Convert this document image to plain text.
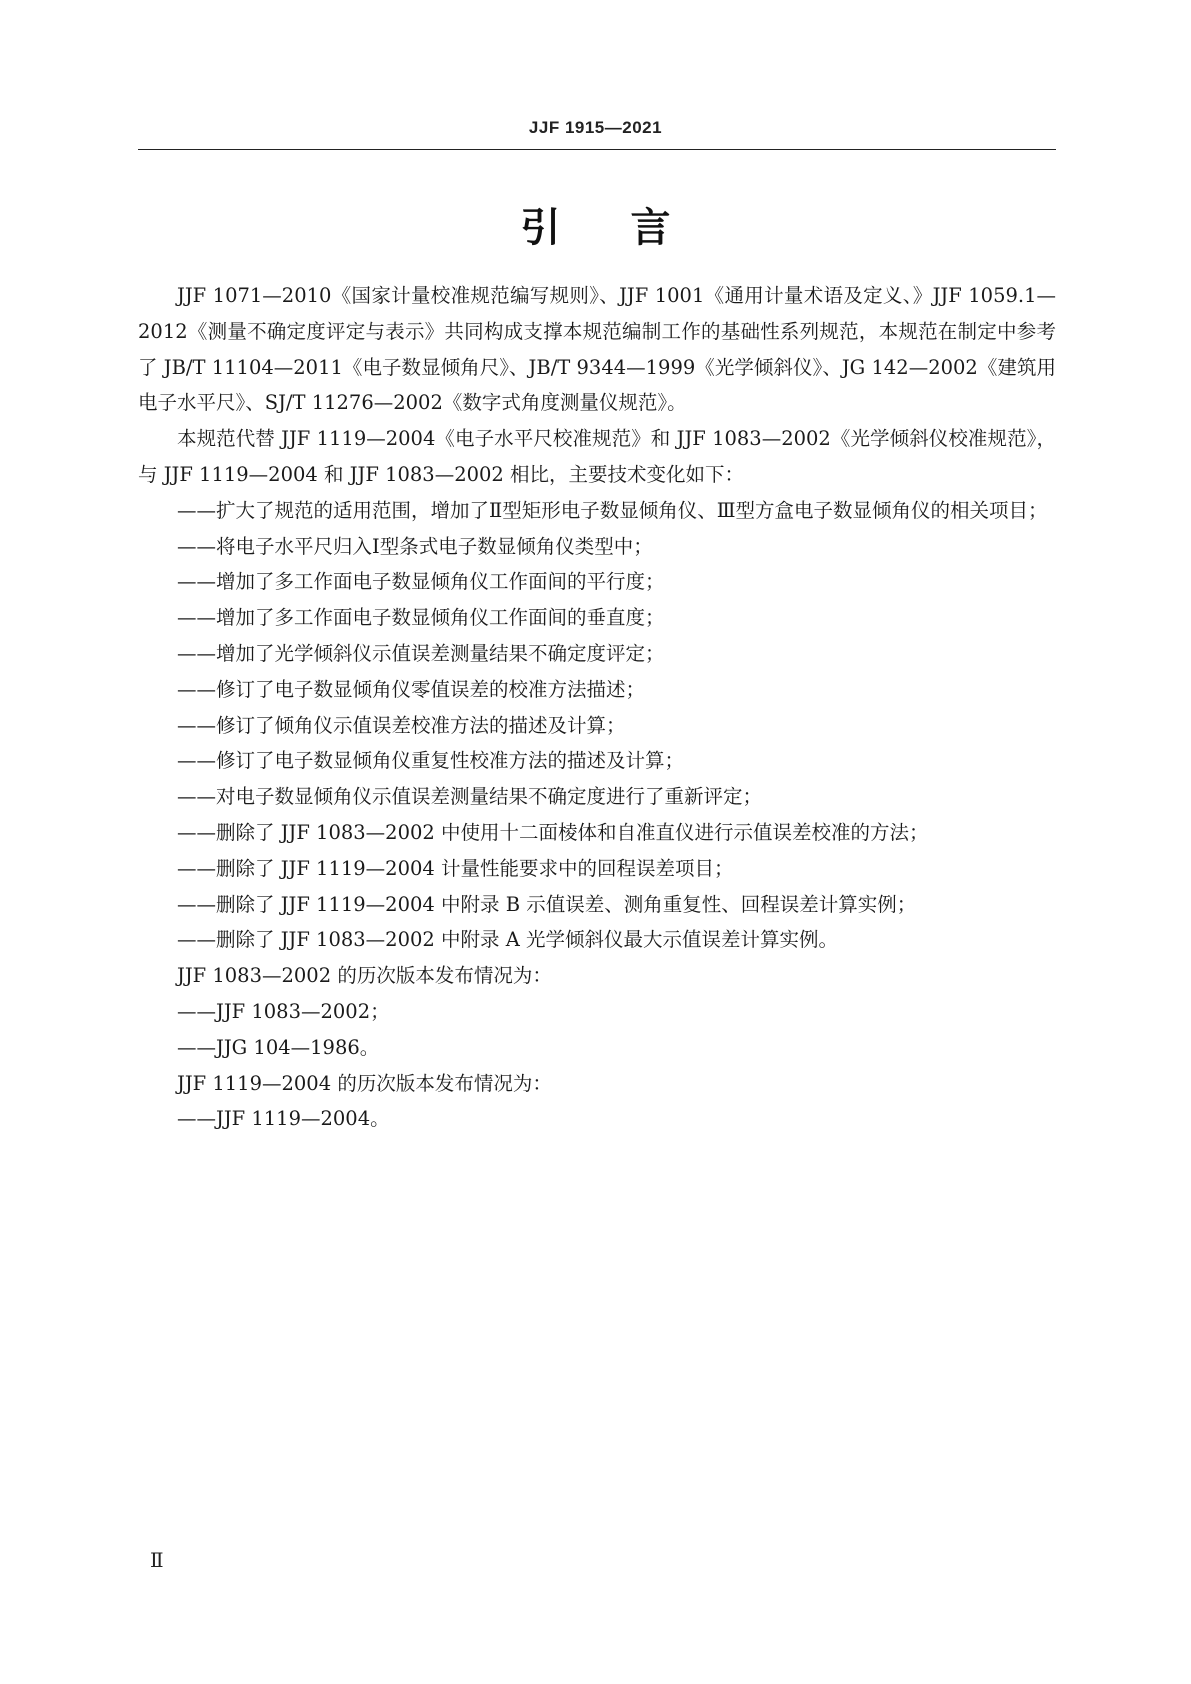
JJF 1915—2021
引 言

JJF 1071—2010《国家计量校准规范编写规则》、JJF 1001《通用计量术语及定义、》JJF 1059.1—2012《测量不确定度评定与表示》共同构成支撑本规范编制工作的基础性系列规范，本规范在制定中参考了 JB/T 11104—2011《电子数显倾角尺》、JB/T 9344—1999《光学倾斜仪》、JG 142—2002《建筑用电子水平尺》、SJ/T 11276—2002《数字式角度测量仪规范》。

本规范代替 JJF 1119—2004《电子水平尺校准规范》和 JJF 1083—2002《光学倾斜仪校准规范》，与 JJF 1119—2004 和 JJF 1083—2002 相比，主要技术变化如下：

——扩大了规范的适用范围，增加了Ⅱ型矩形电子数显倾角仪、Ⅲ型方盒电子数显倾角仪的相关项目；

——将电子水平尺归入Ⅰ型条式电子数显倾角仪类型中；

——增加了多工作面电子数显倾角仪工作面间的平行度；

——增加了多工作面电子数显倾角仪工作面间的垂直度；

——增加了光学倾斜仪示值误差测量结果不确定度评定；

——修订了电子数显倾角仪零值误差的校准方法描述；

——修订了倾角仪示值误差校准方法的描述及计算；

——修订了电子数显倾角仪重复性校准方法的描述及计算；

——对电子数显倾角仪示值误差测量结果不确定度进行了重新评定；

——删除了 JJF 1083—2002 中使用十二面棱体和自准直仪进行示值误差校准的方法；

——删除了 JJF 1119—2004 计量性能要求中的回程误差项目；

——删除了 JJF 1119—2004 中附录 B 示值误差、测角重复性、回程误差计算实例；

——删除了 JJF 1083—2002 中附录 A 光学倾斜仪最大示值误差计算实例。

JJF 1083—2002 的历次版本发布情况为：

——JJF 1083—2002；

——JJG 104—1986。

JJF 1119—2004 的历次版本发布情况为：

——JJF 1119—2004。

Ⅱ
